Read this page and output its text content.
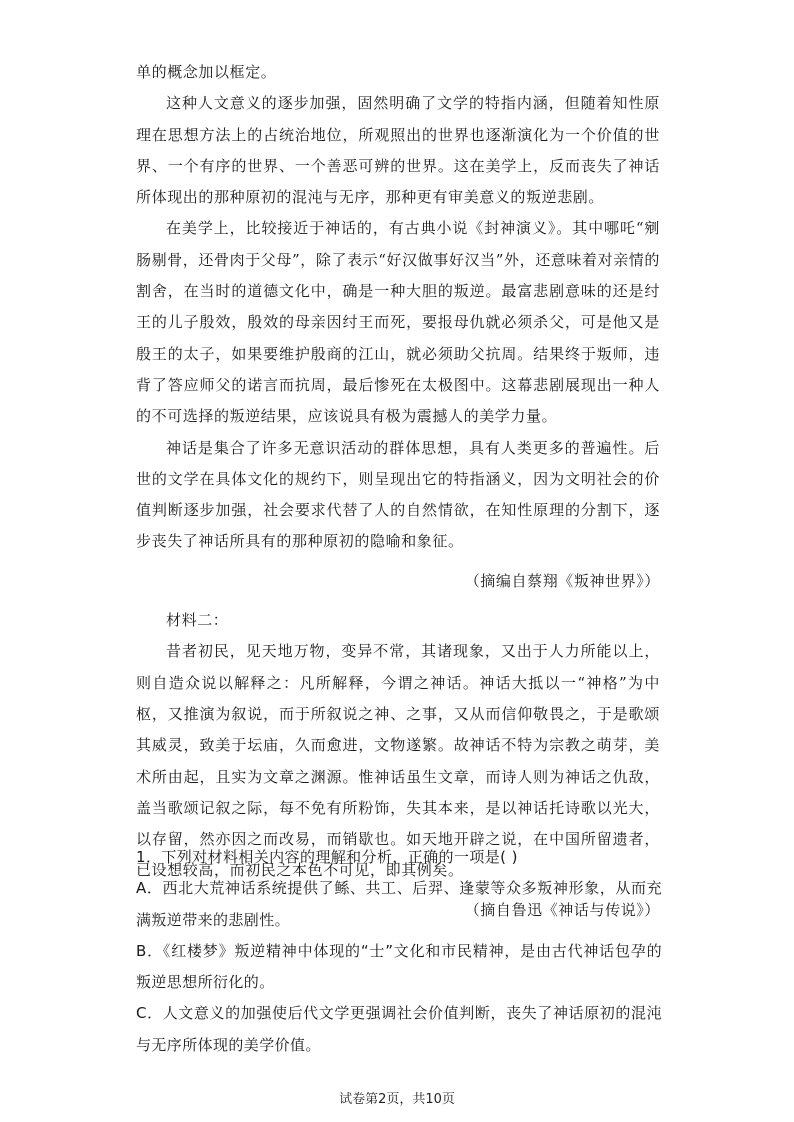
单的概念加以框定。

这种人文意义的逐步加强，固然明确了文学的特指内涵，但随着知性原理在思想方法上的占统治地位，所观照出的世界也逐渐演化为一个价值的世界、一个有序的世界、一个善恶可辨的世界。这在美学上，反而丧失了神话所体现出的那种原初的混沌与无序，那种更有审美意义的叛逆悲剧。

在美学上，比较接近于神话的，有古典小说《封神演义》。其中哪吒“剜肠剔骨，还骨肉于父母”，除了表示“好汉做事好汉当”外，还意味着对亲情的割舍，在当时的道德文化中，确是一种大胆的叛逆。最富悲剧意味的还是纣王的儿子殷效，殷效的母亲因纣王而死，要报母仇就必须杀父，可是他又是殷王的太子，如果要维护殷商的江山，就必须助父抗周。结果终于叛师，违背了答应师父的诺言而抗周，最后惨死在太极图中。这幕悲剧展现出一种人的不可选择的叛逆结果，应该说具有极为震撼人的美学力量。

神话是集合了许多无意识活动的群体思想，具有人类更多的普遍性。后世的文学在具体文化的规约下，则呈现出它的特指涵义，因为文明社会的价值判断逐步加强，社会要求代替了人的自然情欲，在知性原理的分割下，逐步丧失了神话所具有的那种原初的隐喻和象征。

（摘编自蔡翔《叛神世界》）

材料二：

昔者初民，见天地万物，变异不常，其诸现象，又出于人力所能以上，则自造众说以解释之：凡所解释，今谓之神话。神话大抵以一“神格”为中枢，又推演为叙说，而于所叙说之神、之事，又从而信仰敬畏之，于是歌颂其威灵，致美于坛庙，久而愈进，文物遂繁。故神话不特为宗教之萌芽，美术所由起，且实为文章之渊源。惟神话虽生文章，而诗人则为神话之仇敌，盖当歌颂记叙之际，每不免有所粉饰，失其本来，是以神话托诗歌以光大，以存留，然亦因之而改易，而销歇也。如天地开辟之说，在中国所留遗者，已设想较高，而初民之本色不可见，即其例矣。

（摘自鲁迅《神话与传说》）

1．下列对材料相关内容的理解和分析，正确的一项是( )

A．西北大荒神话系统提供了鲧、共工、后羿、逢蒙等众多叛神形象，从而充满叛逆带来的悲剧性。

B．《红楼梦》叛逆精神中体现的“士”文化和市民精神，是由古代神话包孕的叛逆思想所衍化的。

C．人文意义的加强使后代文学更强调社会价值判断，丧失了神话原初的混沌与无序所体现的美学价值。

试卷第2页，共10页
